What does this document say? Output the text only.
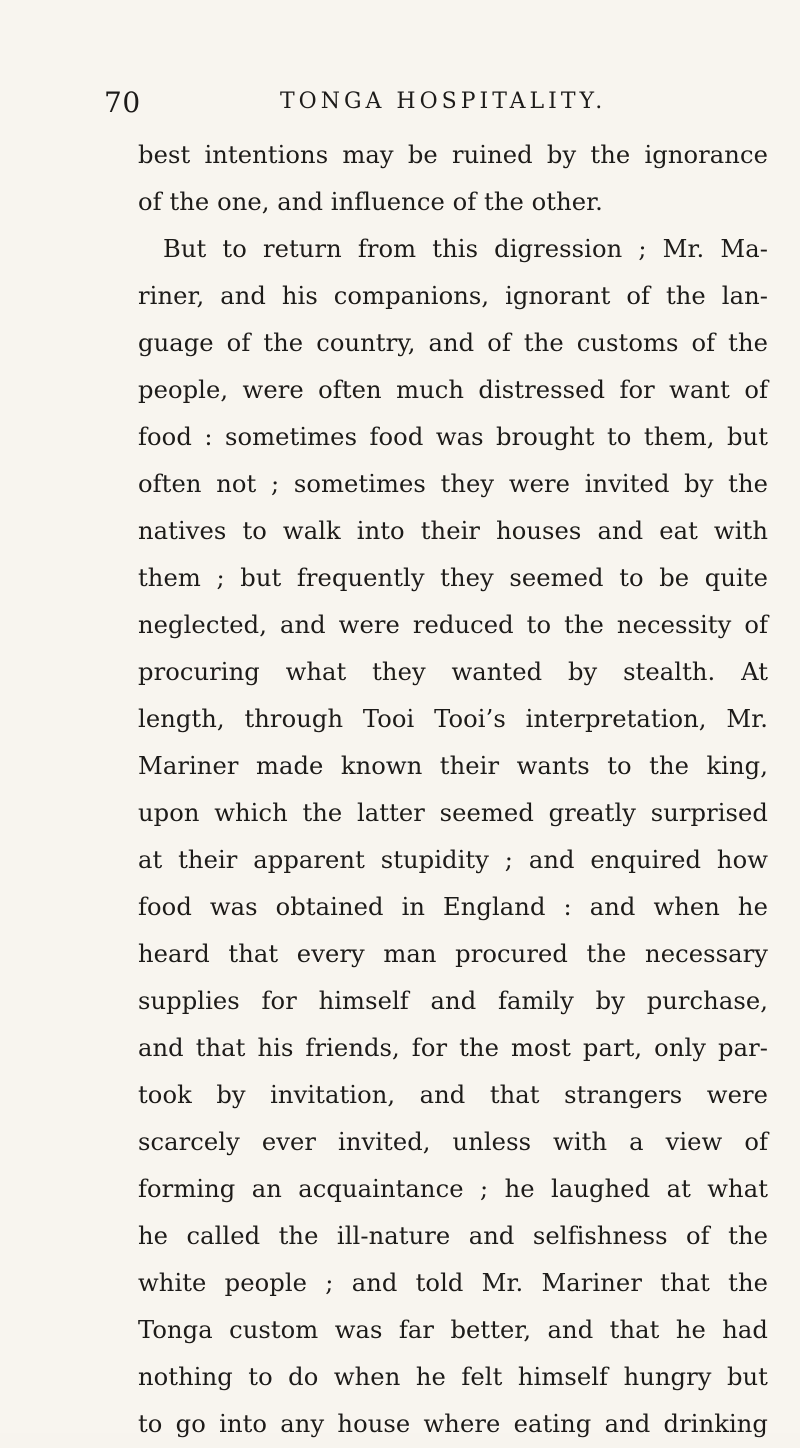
70	TONGA HOSPITALITY.
best intentions may be ruined by the ignorance
of the one, and influence of the other.
But to return from this digression ; Mr. Ma-
riner, and his companions, ignorant of the lan-
guage of the country, and of the customs of the
people, were often much distressed for want of
food : sometimes food was brought to them, but
often not ; sometimes they were invited by the
natives to walk into their houses and eat with
them ; but frequently they seemed to be quite
neglected, and were reduced to the necessity of
procuring what they wanted by stealth. At
length, through Tooi Tooi’s interpretation, Mr.
Mariner made known their wants to the king,
upon which the latter seemed greatly surprised
at their apparent stupidity ; and enquired how
food was obtained in England : and when he
heard that every man procured the necessary
supplies for himself and family by purchase,
and that his friends, for the most part, only par-
took by invitation, and that strangers were
scarcely ever invited, unless with a view of
forming an acquaintance ; he laughed at what
he called the ill-nature and selfishness of the
white people ; and told Mr. Mariner that the
Tonga custom was far better, and that he had
nothing to do when he felt himself hungry but
to go into any house where eating and drinking
